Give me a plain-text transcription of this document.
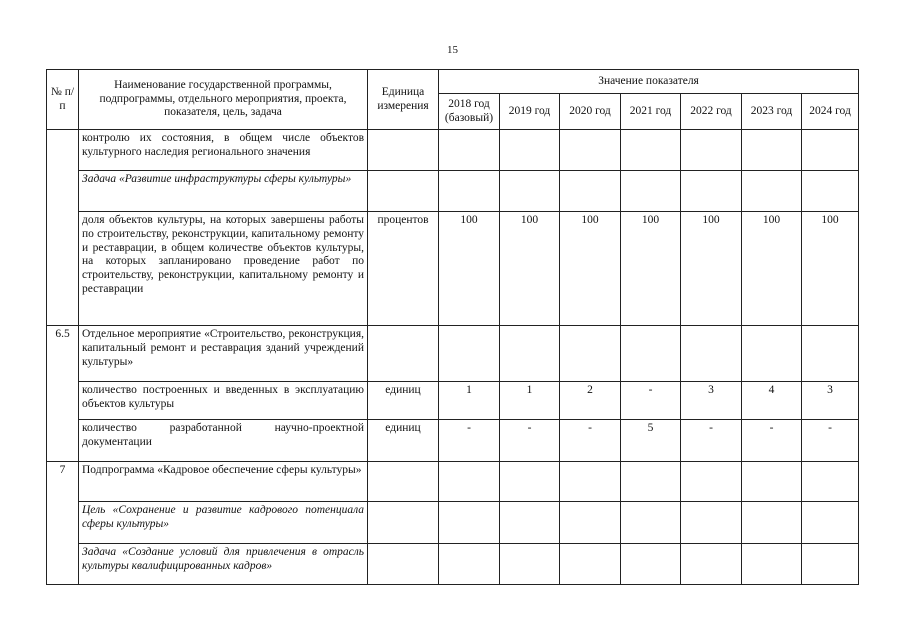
15
№ п/п	Наименование государственной программы, подпрограммы, отдельного мероприятия, проекта, показателя, цель, задача	Единица измерения	Значение показателя						
			2018 год (базовый)	2019 год	2020 год	2021 год	2022 год	2023 год	2024 год
	контролю их состояния, в общем числе объектов культурного наследия регионального значения								
	Задача «Развитие инфраструктуры сферы культуры»								
	доля объектов культуры, на которых завершены работы по строительству, реконструкции, капитальному ремонту и реставрации, в общем количестве объектов культуры, на которых запланировано проведение работ по строительству, реконструкции, капитальному ремонту и реставрации	процентов	100	100	100	100	100	100	100
6.5	Отдельное мероприятие «Строительство, реконструкция, капитальный ремонт и реставрация зданий учреждений культуры»								
	количество построенных и введенных в эксплуатацию объектов культуры	единиц	1	1	2	-	3	4	3
	количество разработанной научно-проектной документации	единиц	-	-	-	5	-	-	-
7	Подпрограмма «Кадровое обеспечение сферы культуры»								
	Цель «Сохранение и развитие кадрового потенциала сферы культуры»								
	Задача «Создание условий для привлечения в отрасль культуры квалифицированных кадров»								
